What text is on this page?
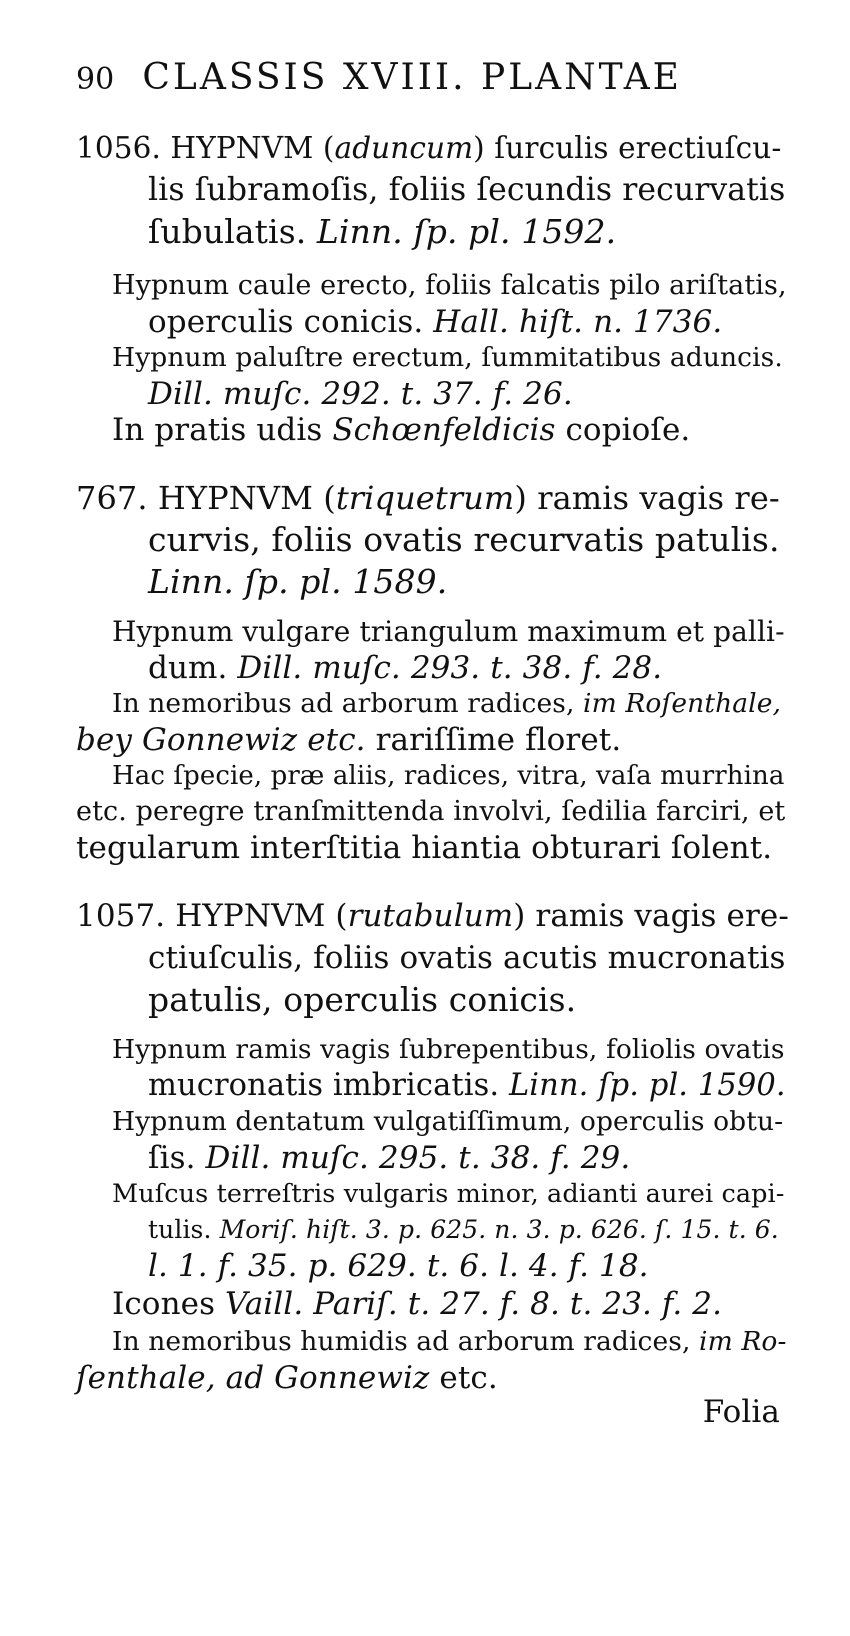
90 CLASSIS XVIII. PLANTAE
1056. HYPNVM (aduncum) ſurculis erectiuſcu-
lis ſubramoſis, foliis ſecundis recurvatis
ſubulatis. Linn. ſp. pl. 1592.
Hypnum caule erecto, foliis falcatis pilo ariſtatis,
operculis conicis. Hall. hiſt. n. 1736.
Hypnum paluſtre erectum, ſummitatibus aduncis.
Dill. muſc. 292. t. 37. f. 26.
In pratis udis Schœnfeldicis copioſe.
767. HYPNVM (triquetrum) ramis vagis re-
curvis, foliis ovatis recurvatis patulis.
Linn. ſp. pl. 1589.
Hypnum vulgare triangulum maximum et palli-
dum. Dill. muſc. 293. t. 38. f. 28.
In nemoribus ad arborum radices, im Roſenthale,
bey Gonnewiz etc. rariſſime floret.
Hac ſpecie, præ aliis, radices, vitra, vaſa murrhina
etc. peregre tranſmittenda involvi, ſedilia farciri, et
tegularum interſtitia hiantia obturari ſolent.
1057. HYPNVM (rutabulum) ramis vagis ere-
ctiuſculis, foliis ovatis acutis mucronatis
patulis, operculis conicis.
Hypnum ramis vagis ſubrepentibus, foliolis ovatis
mucronatis imbricatis. Linn. ſp. pl. 1590.
Hypnum dentatum vulgatiſſimum, operculis obtu-
ſis. Dill. muſc. 295. t. 38. f. 29.
Muſcus terreſtris vulgaris minor, adianti aurei capi-
tulis. Moriſ. hiſt. 3. p. 625. n. 3. p. 626. ſ. 15. t. 6.
l. 1. f. 35. p. 629. t. 6. l. 4. f. 18.
Icones Vaill. Pariſ. t. 27. f. 8. t. 23. f. 2.
In nemoribus humidis ad arborum radices, im Ro-
ſenthale, ad Gonnewiz etc.
Folia
